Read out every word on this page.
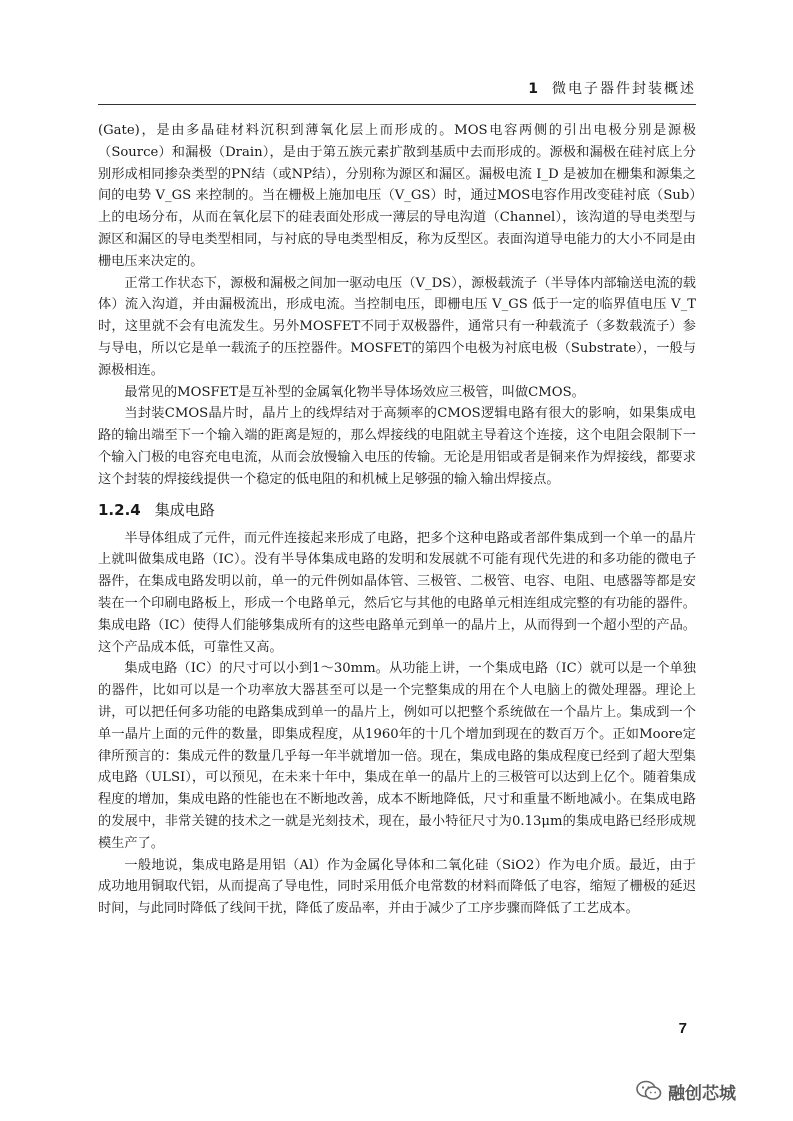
1 微电子器件封装概述

(Gate)，是由多晶硅材料沉积到薄氧化层上而形成的。MOS电容两侧的引出电极分别是源极（Source）和漏极（Drain），是由于第五族元素扩散到基质中去而形成的。源极和漏极在硅衬底上分别形成相同掺杂类型的PN结（或NP结），分别称为源区和漏区。漏极电流 I_D 是被加在栅集和源集之间的电势 V_GS 来控制的。当在栅极上施加电压（V_GS）时，通过MOS电容作用改变硅衬底（Sub）上的电场分布，从而在氧化层下的硅表面处形成一薄层的导电沟道（Channel），该沟道的导电类型与源区和漏区的导电类型相同，与衬底的导电类型相反，称为反型区。表面沟道导电能力的大小不同是由栅电压来决定的。

正常工作状态下，源极和漏极之间加一驱动电压（V_DS），源极载流子（半导体内部输送电流的载体）流入沟道，并由漏极流出，形成电流。当控制电压，即栅电压 V_GS 低于一定的临界值电压 V_T 时，这里就不会有电流发生。另外MOSFET不同于双极器件，通常只有一种载流子（多数载流子）参与导电，所以它是单一载流子的压控器件。MOSFET的第四个电极为衬底电极（Substrate），一般与源极相连。

最常见的MOSFET是互补型的金属氧化物半导体场效应三极管，叫做CMOS。

当封装CMOS晶片时，晶片上的线焊结对于高频率的CMOS逻辑电路有很大的影响，如果集成电路的输出端至下一个输入端的距离是短的，那么焊接线的电阻就主导着这个连接，这个电阻会限制下一个输入门极的电容充电电流，从而会放慢输入电压的传输。无论是用铝或者是铜来作为焊接线，都要求这个封装的焊接线提供一个稳定的低电阻的和机械上足够强的输入输出焊接点。

1.2.4 集成电路

半导体组成了元件，而元件连接起来形成了电路，把多个这种电路或者部件集成到一个单一的晶片上就叫做集成电路（IC）。没有半导体集成电路的发明和发展就不可能有现代先进的和多功能的微电子器件，在集成电路发明以前，单一的元件例如晶体管、三极管、二极管、电容、电阻、电感器等都是安装在一个印刷电路板上，形成一个电路单元，然后它与其他的电路单元相连组成完整的有功能的器件。集成电路（IC）使得人们能够集成所有的这些电路单元到单一的晶片上，从而得到一个超小型的产品。这个产品成本低，可靠性又高。

集成电路（IC）的尺寸可以小到1～30mm。从功能上讲，一个集成电路（IC）就可以是一个单独的器件，比如可以是一个功率放大器甚至可以是一个完整集成的用在个人电脑上的微处理器。理论上讲，可以把任何多功能的电路集成到单一的晶片上，例如可以把整个系统做在一个晶片上。集成到一个单一晶片上面的元件的数量，即集成程度，从1960年的十几个增加到现在的数百万个。正如Moore定律所预言的：集成元件的数量几乎每一年半就增加一倍。现在，集成电路的集成程度已经到了超大型集成电路（ULSI），可以预见，在未来十年中，集成在单一的晶片上的三极管可以达到上亿个。随着集成程度的增加，集成电路的性能也在不断地改善，成本不断地降低，尺寸和重量不断地减小。在集成电路的发展中，非常关键的技术之一就是光刻技术，现在，最小特征尺寸为0.13μm的集成电路已经形成规模生产了。

一般地说，集成电路是用铝（Al）作为金属化导体和二氧化硅（SiO2）作为电介质。最近，由于成功地用铜取代铝，从而提高了导电性，同时采用低介电常数的材料而降低了电容，缩短了栅极的延迟时间，与此同时降低了线间干扰，降低了废品率，并由于减少了工序步骤而降低了工艺成本。

7
融创芯城
